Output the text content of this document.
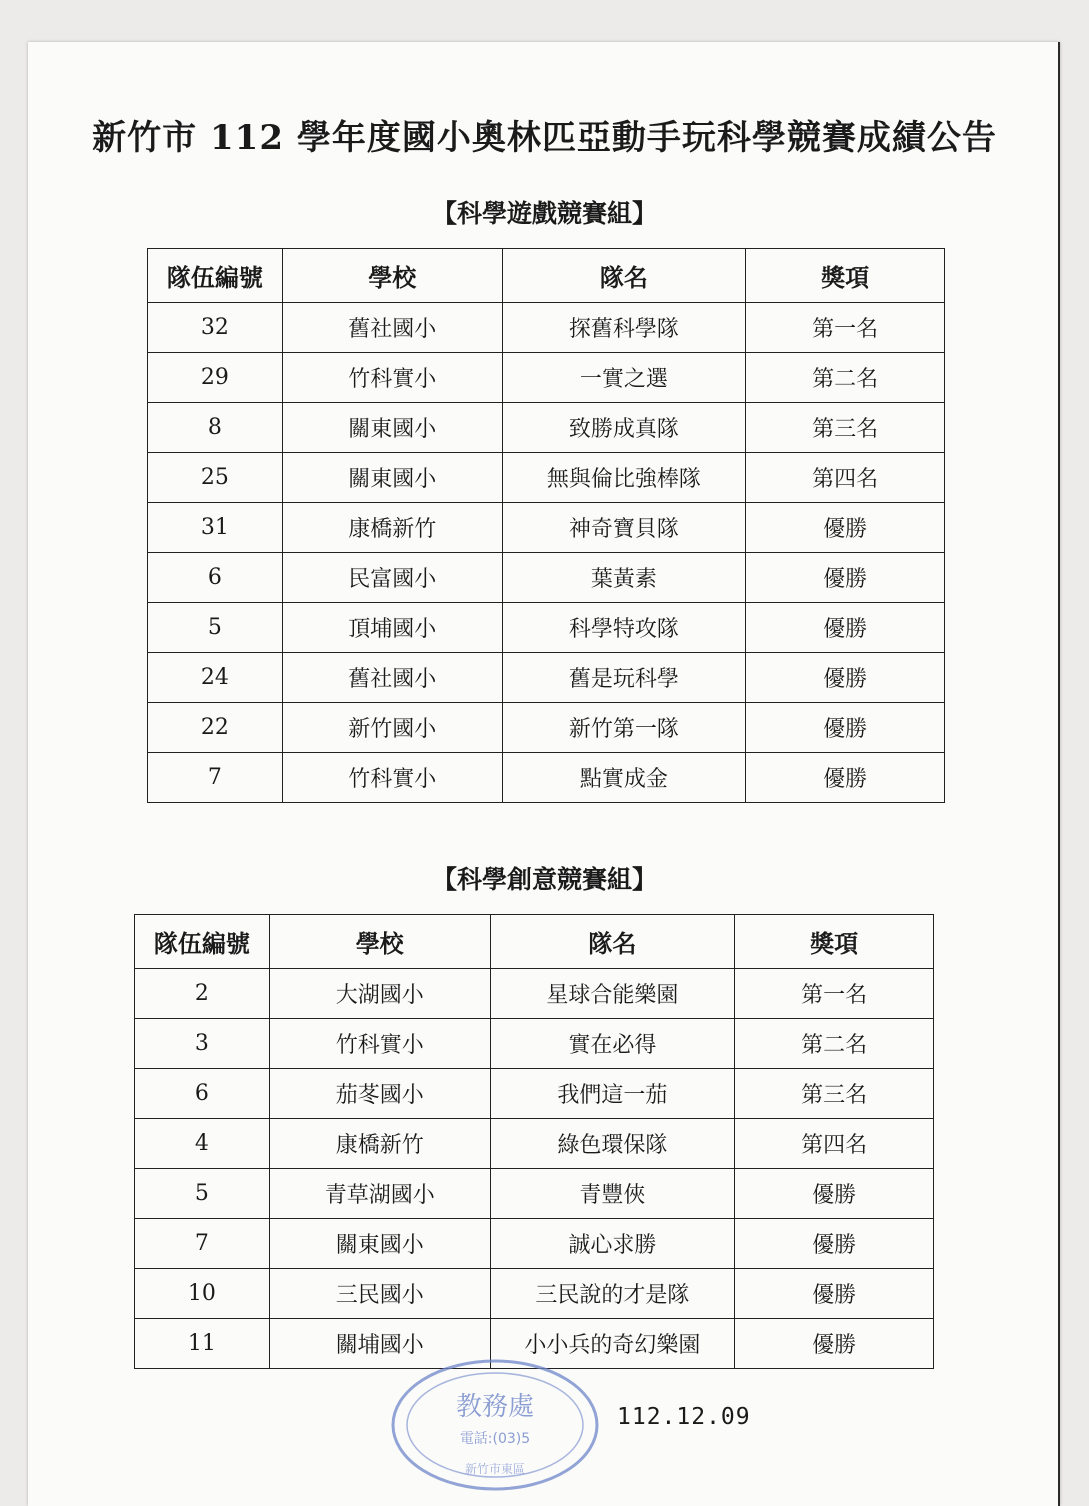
新竹市 112 學年度國小奧林匹亞動手玩科學競賽成績公告
【科學遊戲競賽組】
隊伍編號	學校	隊名	獎項
32	舊社國小	探舊科學隊	第一名
29	竹科實小	一實之選	第二名
8	關東國小	致勝成真隊	第三名
25	關東國小	無與倫比強棒隊	第四名
31	康橋新竹	神奇寶貝隊	優勝
6	民富國小	葉黃素	優勝
5	頂埔國小	科學特攻隊	優勝
24	舊社國小	舊是玩科學	優勝
22	新竹國小	新竹第一隊	優勝
7	竹科實小	點實成金	優勝
【科學創意競賽組】
隊伍編號	學校	隊名	獎項
2	大湖國小	星球合能樂園	第一名
3	竹科實小	實在必得	第二名
6	茄苳國小	我們這一茄	第三名
4	康橋新竹	綠色環保隊	第四名
5	青草湖國小	青豐俠	優勝
7	關東國小	誠心求勝	優勝
10	三民國小	三民說的才是隊	優勝
11	關埔國小	小小兵的奇幻樂園	優勝
教務處
電話:(03)5
新竹市東區
112.12.09
